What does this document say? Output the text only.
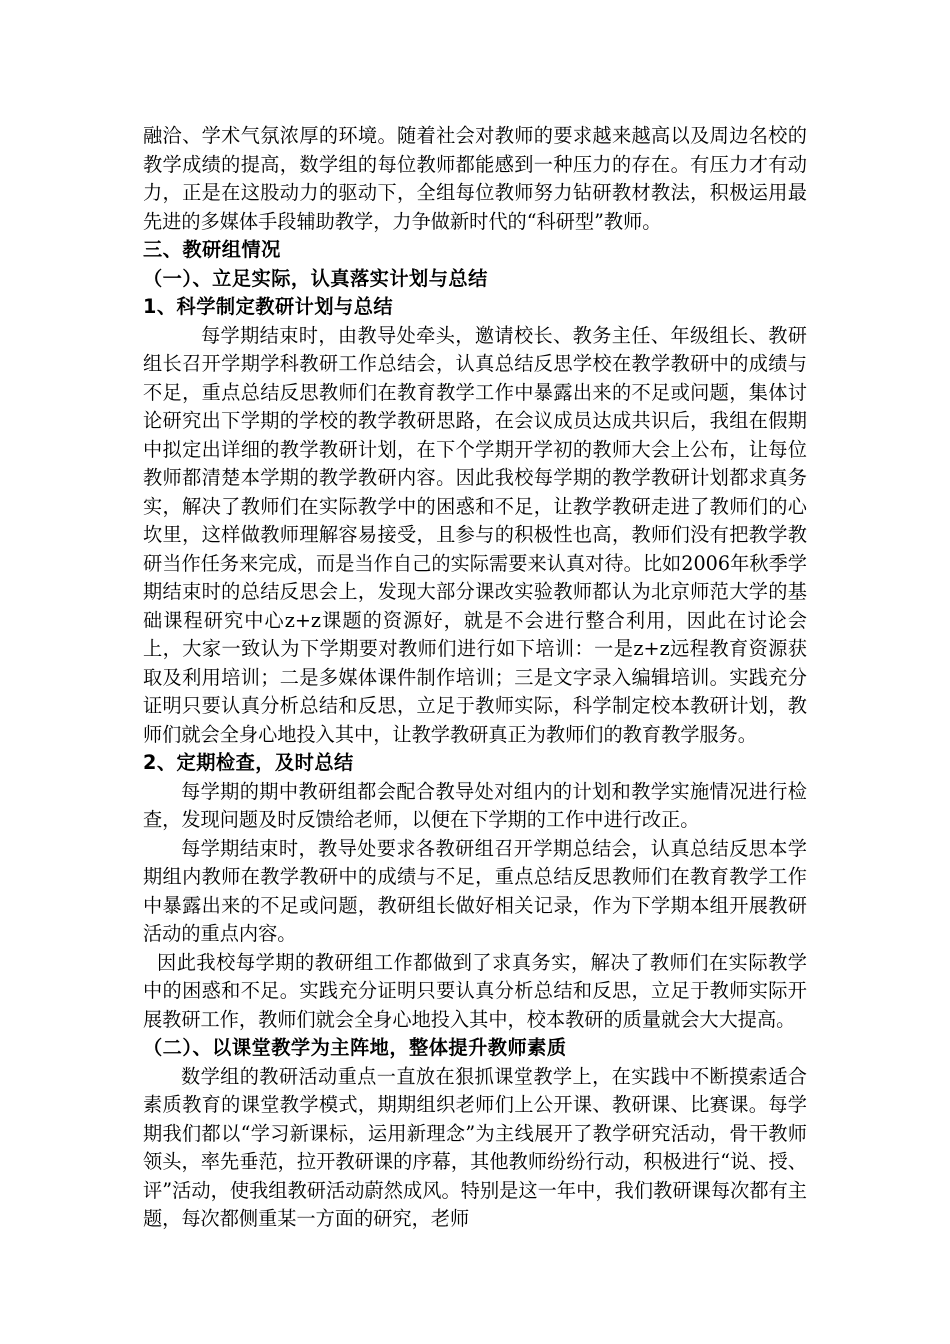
融洽、学术气氛浓厚的环境。随着社会对教师的要求越来越高以及周边名校的教学成绩的提高，数学组的每位教师都能感到一种压力的存在。有压力才有动力，正是在这股动力的驱动下，全组每位教师努力钻研教材教法，积极运用最先进的多媒体手段辅助教学，力争做新时代的“科研型”教师。

三、教研组情况

（一）、立足实际，认真落实计划与总结

1、科学制定教研计划与总结

每学期结束时，由教导处牵头，邀请校长、教务主任、年级组长、教研组长召开学期学科教研工作总结会，认真总结反思学校在教学教研中的成绩与不足，重点总结反思教师们在教育教学工作中暴露出来的不足或问题，集体讨论研究出下学期的学校的教学教研思路，在会议成员达成共识后，我组在假期中拟定出详细的教学教研计划，在下个学期开学初的教师大会上公布，让每位教师都清楚本学期的教学教研内容。因此我校每学期的教学教研计划都求真务实，解决了教师们在实际教学中的困惑和不足，让教学教研走进了教师们的心坎里，这样做教师理解容易接受，且参与的积极性也高，教师们没有把教学教研当作任务来完成，而是当作自己的实际需要来认真对待。比如2006年秋季学期结束时的总结反思会上，发现大部分课改实验教师都认为北京师范大学的基础课程研究中心z+z课题的资源好，就是不会进行整合利用，因此在讨论会上，大家一致认为下学期要对教师们进行如下培训：一是z+z远程教育资源获取及利用培训；二是多媒体课件制作培训；三是文字录入编辑培训。实践充分证明只要认真分析总结和反思，立足于教师实际，科学制定校本教研计划，教师们就会全身心地投入其中，让教学教研真正为教师们的教育教学服务。

2、定期检查，及时总结

每学期的期中教研组都会配合教导处对组内的计划和教学实施情况进行检查，发现问题及时反馈给老师，以便在下学期的工作中进行改正。

每学期结束时，教导处要求各教研组召开学期总结会，认真总结反思本学期组内教师在教学教研中的成绩与不足，重点总结反思教师们在教育教学工作中暴露出来的不足或问题，教研组长做好相关记录，作为下学期本组开展教研活动的重点内容。

因此我校每学期的教研组工作都做到了求真务实，解决了教师们在实际教学中的困惑和不足。实践充分证明只要认真分析总结和反思，立足于教师实际开展教研工作，教师们就会全身心地投入其中，校本教研的质量就会大大提高。

（二）、以课堂教学为主阵地，整体提升教师素质

数学组的教研活动重点一直放在狠抓课堂教学上，在实践中不断摸索适合素质教育的课堂教学模式，期期组织老师们上公开课、教研课、比赛课。每学期我们都以“学习新课标，运用新理念”为主线展开了教学研究活动，骨干教师领头，率先垂范，拉开教研课的序幕，其他教师纷纷行动，积极进行“说、授、评”活动，使我组教研活动蔚然成风。特别是这一年中，我们教研课每次都有主题，每次都侧重某一方面的研究，老师
